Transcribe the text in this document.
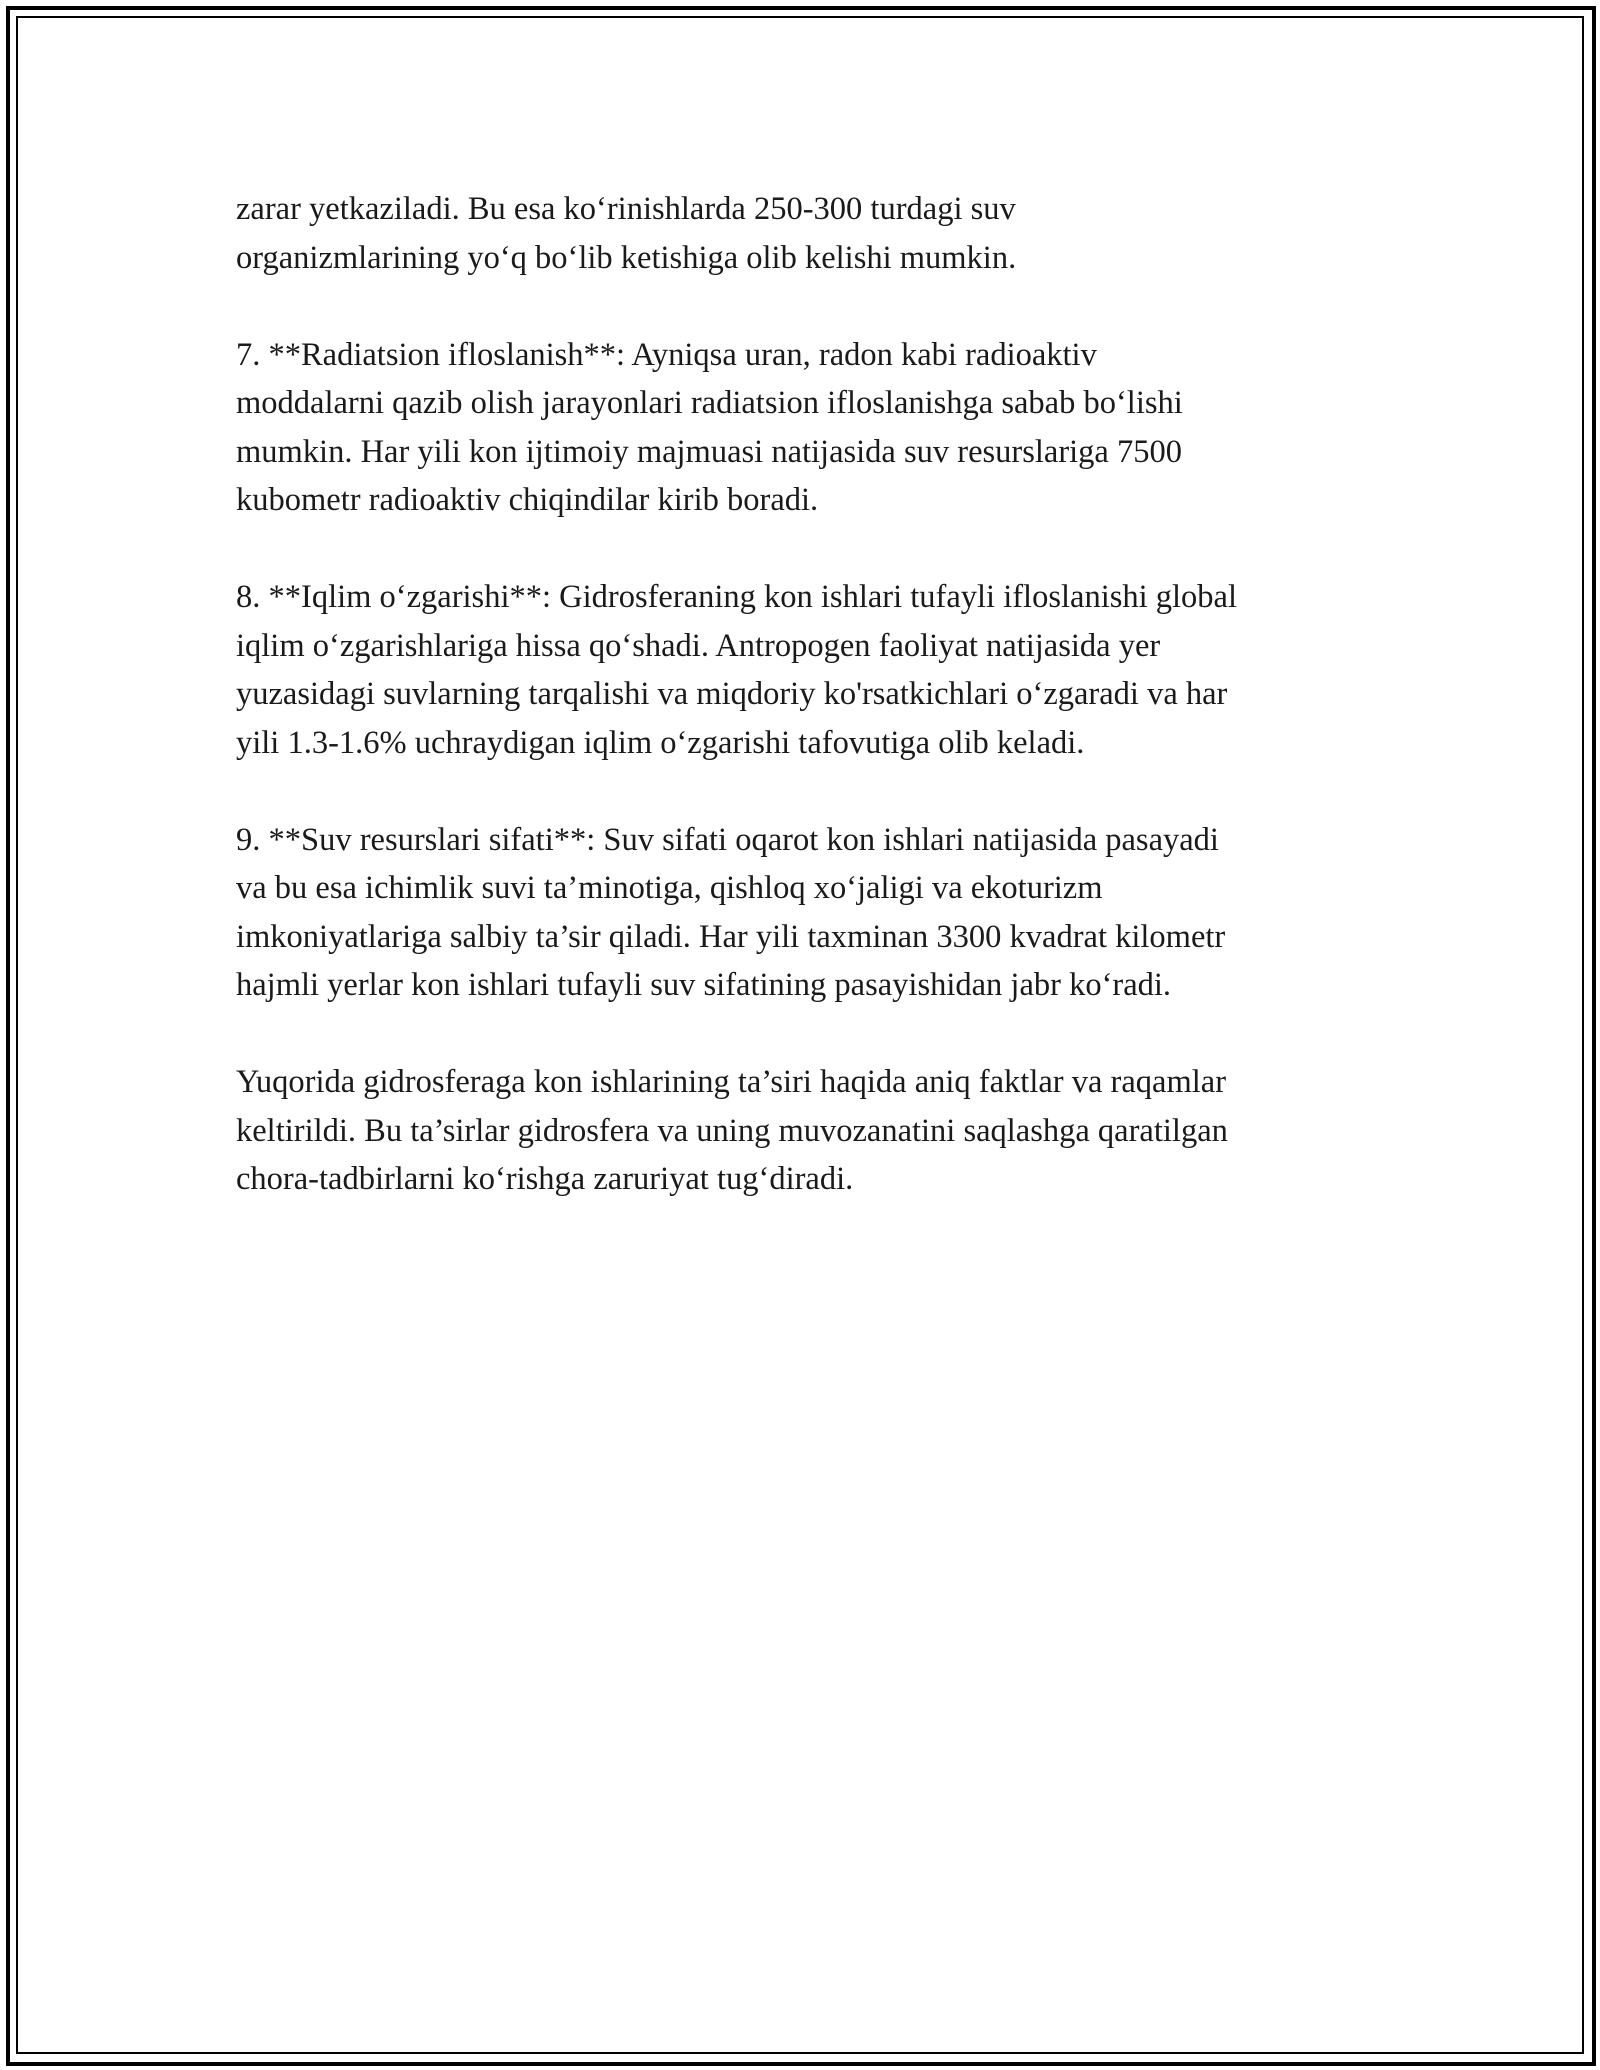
zarar yetkaziladi. Bu esa ko‘rinishlarda 250-300 turdagi suv
organizmlarining yo‘q bo‘lib ketishiga olib kelishi mumkin.

7. **Radiatsion ifloslanish**: Ayniqsa uran, radon kabi radioaktiv
moddalarni qazib olish jarayonlari radiatsion ifloslanishga sabab bo‘lishi
mumkin. Har yili kon ijtimoiy majmuasi natijasida suv resurslariga 7500
kubometr radioaktiv chiqindilar kirib boradi.

8. **Iqlim o‘zgarishi**: Gidrosferaning kon ishlari tufayli ifloslanishi global
iqlim o‘zgarishlariga hissa qo‘shadi. Antropogen faoliyat natijasida yer
yuzasidagi suvlarning tarqalishi va miqdoriy ko'rsatkichlari o‘zgaradi va har
yili 1.3-1.6% uchraydigan iqlim o‘zgarishi tafovutiga olib keladi.

9. **Suv resurslari sifati**: Suv sifati oqarot kon ishlari natijasida pasayadi
va bu esa ichimlik suvi ta’minotiga, qishloq xo‘jaligi va ekoturizm
imkoniyatlariga salbiy ta’sir qiladi. Har yili taxminan 3300 kvadrat kilometr
hajmli yerlar kon ishlari tufayli suv sifatining pasayishidan jabr ko‘radi.

Yuqorida gidrosferaga kon ishlarining ta’siri haqida aniq faktlar va raqamlar
keltirildi. Bu ta’sirlar gidrosfera va uning muvozanatini saqlashga qaratilgan
chora-tadbirlarni ko‘rishga zaruriyat tug‘diradi.
